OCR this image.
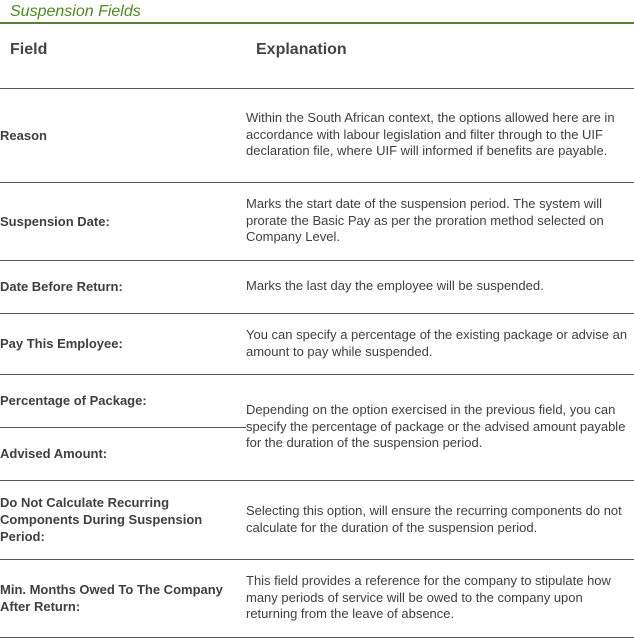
Suspension Fields
Field	Explanation
Reason	Within the South African context, the options allowed here are in accordance with labour legislation and filter through to the UIF declaration file, where UIF will informed if benefits are payable.
Suspension Date:	Marks the start date of the suspension period. The system will prorate the Basic Pay as per the proration method selected on Company Level.
Date Before Return:	Marks the last day the employee will be suspended.
Pay This Employee:	You can specify a percentage of the existing package or advise an amount to pay while suspended.
Percentage of Package:	Depending on the option exercised in the previous field, you can specify the percentage of package or the advised amount payable for the duration of the suspension period.
Advised Amount:	
Do Not Calculate Recurring Components During Suspension Period:	Selecting this option, will ensure the recurring components do not calculate for the duration of the suspension period.
Min. Months Owed To The Company After Return:	This field provides a reference for the company to stipulate how many periods of service will be owed to the company upon returning from the leave of absence.
